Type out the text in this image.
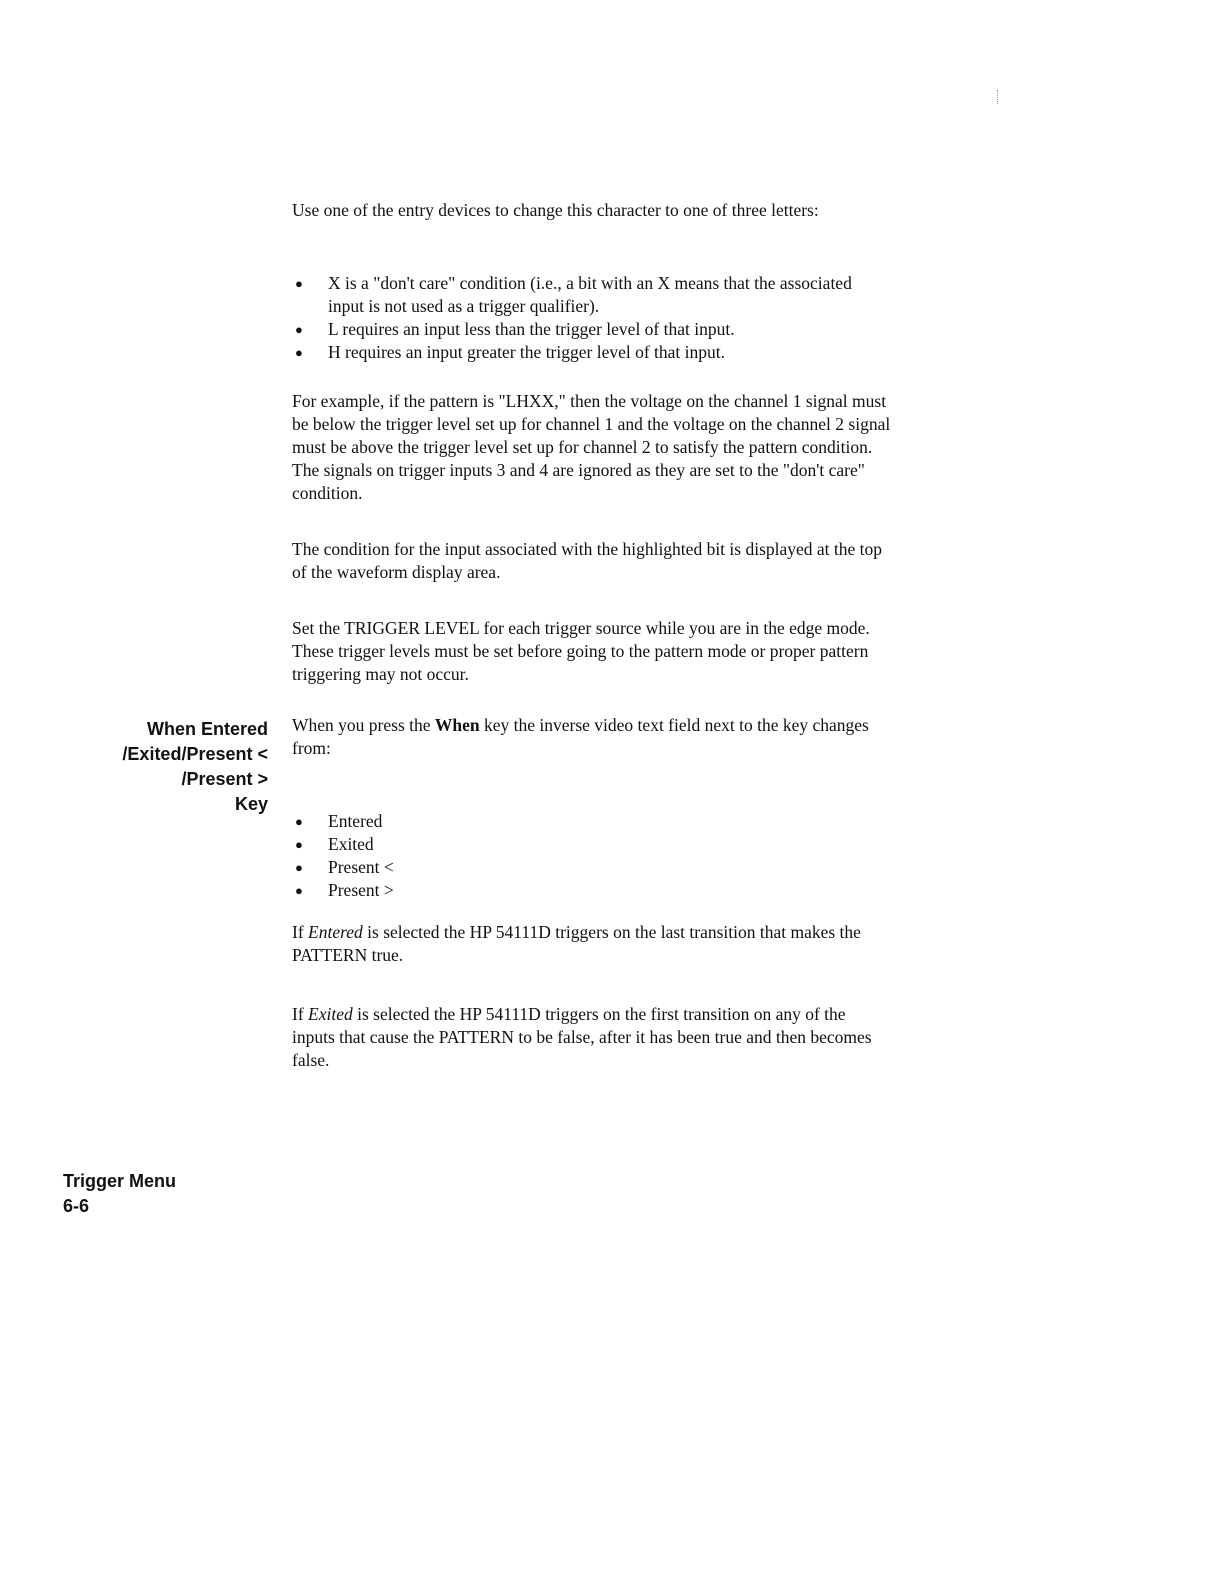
Use one of the entry devices to change this character to one of three letters:

● X is a "don't care" condition (i.e., a bit with an X means that the associated input is not used as a trigger qualifier).
● L requires an input less than the trigger level of that input.
● H requires an input greater the trigger level of that input.

For example, if the pattern is "LHXX," then the voltage on the channel 1 signal must be below the trigger level set up for channel 1 and the voltage on the channel 2 signal must be above the trigger level set up for channel 2 to satisfy the pattern condition. The signals on trigger inputs 3 and 4 are ignored as they are set to the "don't care" condition.

The condition for the input associated with the highlighted bit is displayed at the top of the waveform display area.

Set the TRIGGER LEVEL for each trigger source while you are in the edge mode. These trigger levels must be set before going to the pattern mode or proper pattern triggering may not occur.

When Entered
/Exited/Present <
/Present >
Key

When you press the When key the inverse video text field next to the key changes from:

● Entered
● Exited
● Present <
● Present >

If Entered is selected the HP 54111D triggers on the last transition that makes the PATTERN true.

If Exited is selected the HP 54111D triggers on the first transition on any of the inputs that cause the PATTERN to be false, after it has been true and then becomes false.

Trigger Menu
6-6
